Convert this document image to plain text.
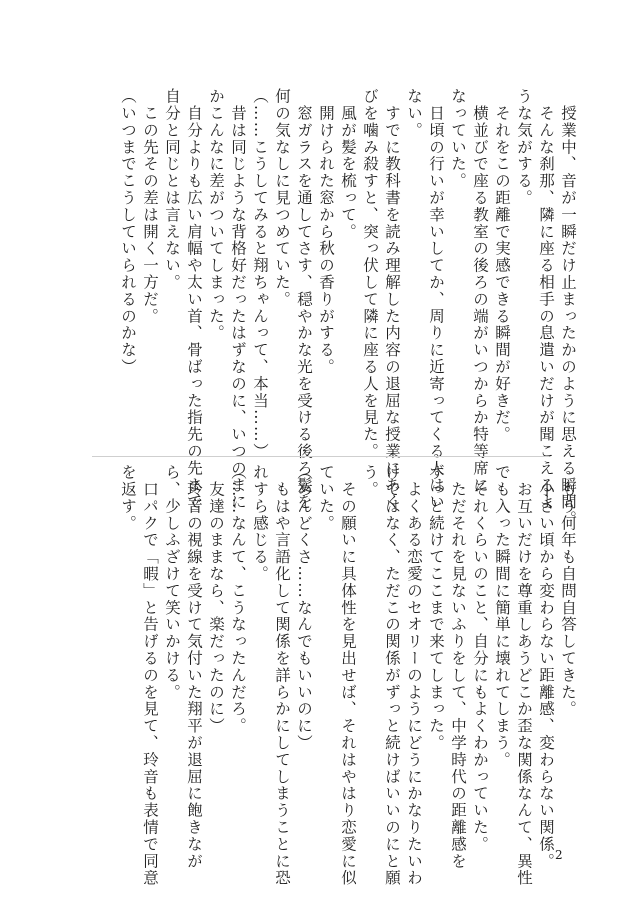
　授業中、音が一瞬だけ止まったかのように思える瞬間。
　そんな刹那、隣に座る相手の息遣いだけが聞こえるよ
うな気がする。
　それをこの距離で実感できる瞬間が好きだ。
　横並びで座る教室の後ろの端がいつからか特等席に
なっていた。
　日頃の行いが幸いしてか、周りに近寄ってくる人はい
ない。
　すでに教科書を読み理解した内容の退屈な授業にあく
びを噛み殺すと、突っ伏して隣に座る人を見た。
　風が髪を梳って。
　開けられた窓から秋の香りがする。
　窓ガラスを通してさす、穏やかな光を受ける後ろ髪を
何の気なしに見つめていた。
（……こうしてみると翔ちゃんって、本当……）
　昔は同じような背格好だったはずなのに、いつのまに
かこんなに差がついてしまった。
　自分よりも広い肩幅や太い首、骨ばった指先の先まで
自分と同じとは言えない。
　この先その差は開く一方だ。
（いつまでこうしていられるのかな）
　もう何年も自問自答してきた。
　小さい頃から変わらない距離感、変わらない関係。
　お互いだけを尊重しあうどこか歪な関係なんて、異性
でも入った瞬間に簡単に壊れてしまう。
　それくらいのこと、自分にもよくわかっていた。
　ただそれを見ないふりをして、中学時代の距離感を
ずっと続けてここまで来てしまった。
　よくある恋愛のセオリーのようにどうにかなりたいわ
けではなく、ただこの関係がずっと続けばいいのにと願
う。
　その願いに具体性を見出せば、それはやはり恋愛に似
ていた。
（めんどくさ……なんでもいいのに）
　もはや言語化して関係を詳らかにしてしまうことに恐
れすら感じる。
（……なんて、こうなったんだろ。
　友達のままなら、楽だったのに）
　玲音の視線を受けて気付いた翔平が退屈に飽きなが
ら、少しふざけて笑いかける。
　口パクで「暇」と告げるのを見て、玲音も表情で同意
を返す。
2
